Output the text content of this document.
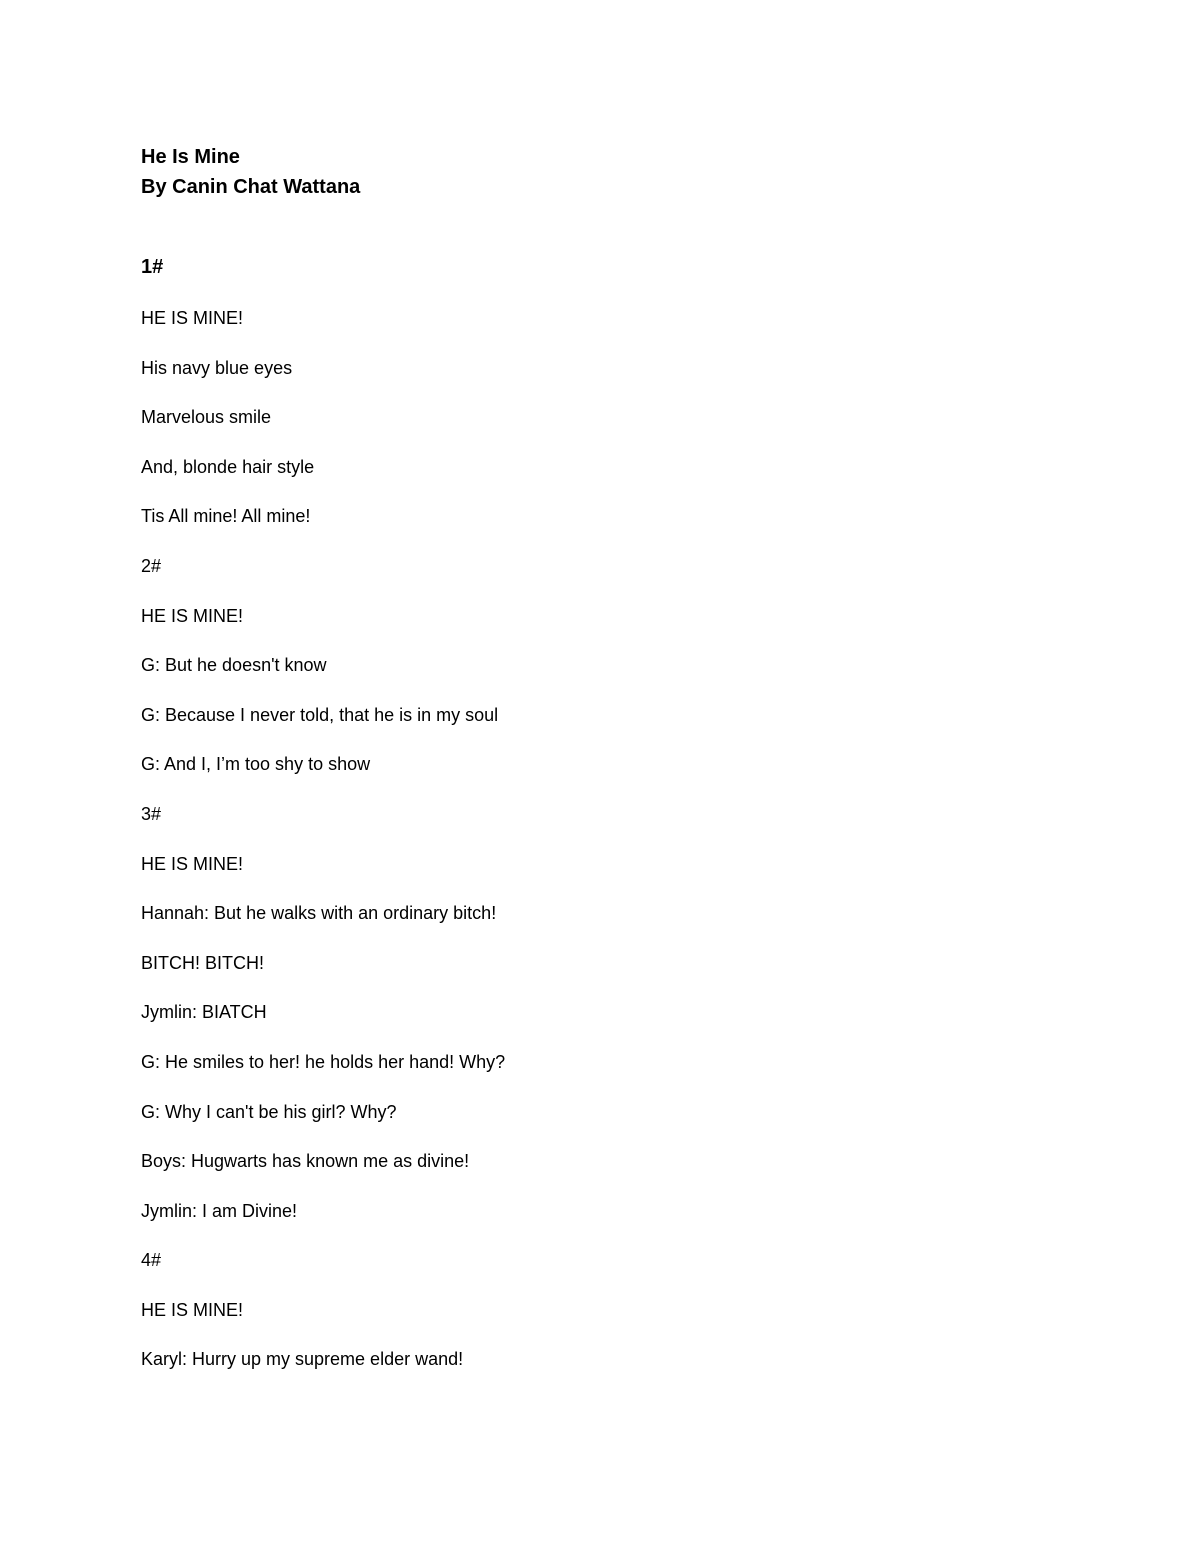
He Is Mine
By Canin Chat Wattana
1#
HE IS MINE!
His navy blue eyes
Marvelous smile
And, blonde hair style
Tis All mine! All mine!
2#
HE IS MINE!
G: But he doesn't know
G: Because I never told, that he is in my soul
G: And I, I’m too shy to show
3#
HE IS MINE!
Hannah: But he walks with an ordinary bitch!
BITCH! BITCH!
Jymlin: BIATCH
G: He smiles to her! he holds her hand! Why?
G: Why I can't be his girl? Why?
Boys: Hugwarts has known me as divine!
Jymlin: I am Divine!
4#
HE IS MINE!
Karyl: Hurry up my supreme elder wand!
